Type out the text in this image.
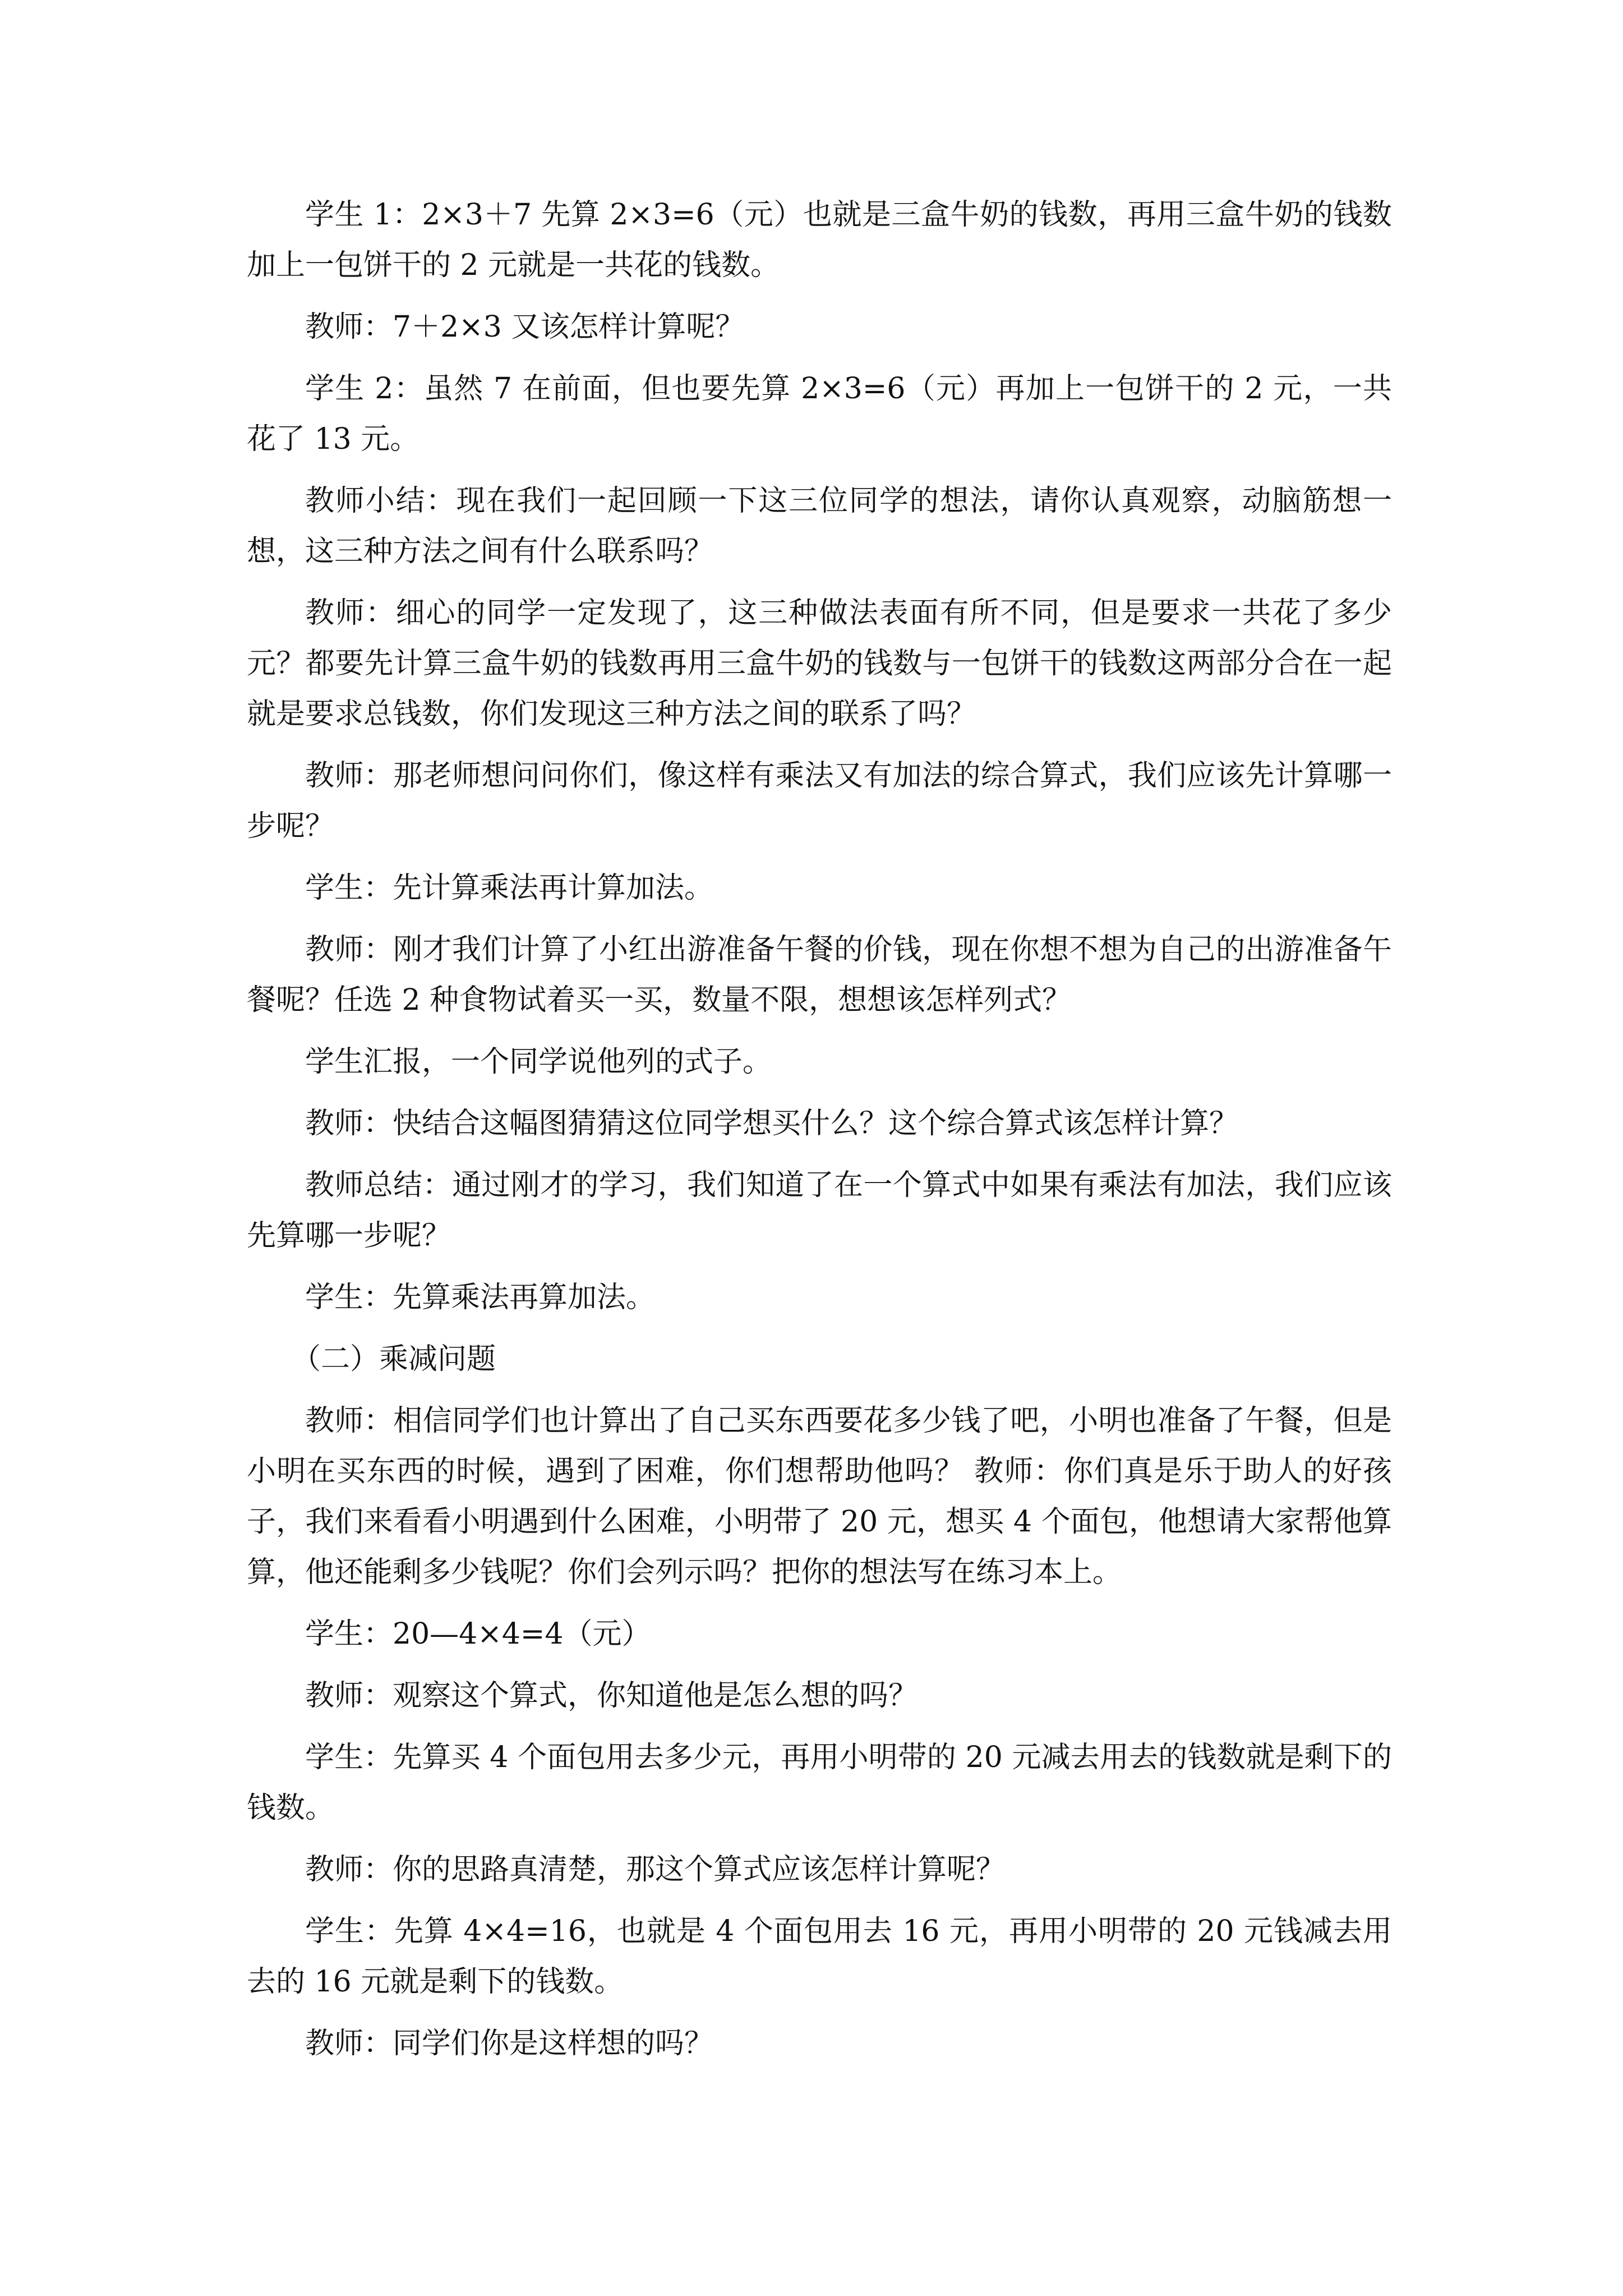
学生 1：2×3＋7 先算 2×3=6（元）也就是三盒牛奶的钱数，再用三盒牛奶的钱数加上一包饼干的 2 元就是一共花的钱数。

教师：7＋2×3 又该怎样计算呢？

学生 2：虽然 7 在前面，但也要先算 2×3=6（元）再加上一包饼干的 2 元，一共花了 13 元。

教师小结：现在我们一起回顾一下这三位同学的想法，请你认真观察，动脑筋想一想，这三种方法之间有什么联系吗？

教师：细心的同学一定发现了，这三种做法表面有所不同，但是要求一共花了多少元？都要先计算三盒牛奶的钱数再用三盒牛奶的钱数与一包饼干的钱数这两部分合在一起就是要求总钱数，你们发现这三种方法之间的联系了吗？

教师：那老师想问问你们，像这样有乘法又有加法的综合算式，我们应该先计算哪一步呢？

学生：先计算乘法再计算加法。

教师：刚才我们计算了小红出游准备午餐的价钱，现在你想不想为自己的出游准备午餐呢？任选 2 种食物试着买一买，数量不限，想想该怎样列式？

学生汇报，一个同学说他列的式子。

教师：快结合这幅图猜猜这位同学想买什么？这个综合算式该怎样计算？

教师总结：通过刚才的学习，我们知道了在一个算式中如果有乘法有加法，我们应该先算哪一步呢？

学生：先算乘法再算加法。

（二）乘减问题

教师：相信同学们也计算出了自己买东西要花多少钱了吧，小明也准备了午餐，但是小明在买东西的时候，遇到了困难，你们想帮助他吗？ 教师：你们真是乐于助人的好孩子，我们来看看小明遇到什么困难，小明带了 20 元，想买 4 个面包，他想请大家帮他算算，他还能剩多少钱呢？你们会列示吗？把你的想法写在练习本上。

学生：20—4×4=4（元）

教师：观察这个算式，你知道他是怎么想的吗？

学生：先算买 4 个面包用去多少元，再用小明带的 20 元减去用去的钱数就是剩下的钱数。

教师：你的思路真清楚，那这个算式应该怎样计算呢？

学生：先算 4×4=16，也就是 4 个面包用去 16 元，再用小明带的 20 元钱减去用去的 16 元就是剩下的钱数。

教师：同学们你是这样想的吗？
